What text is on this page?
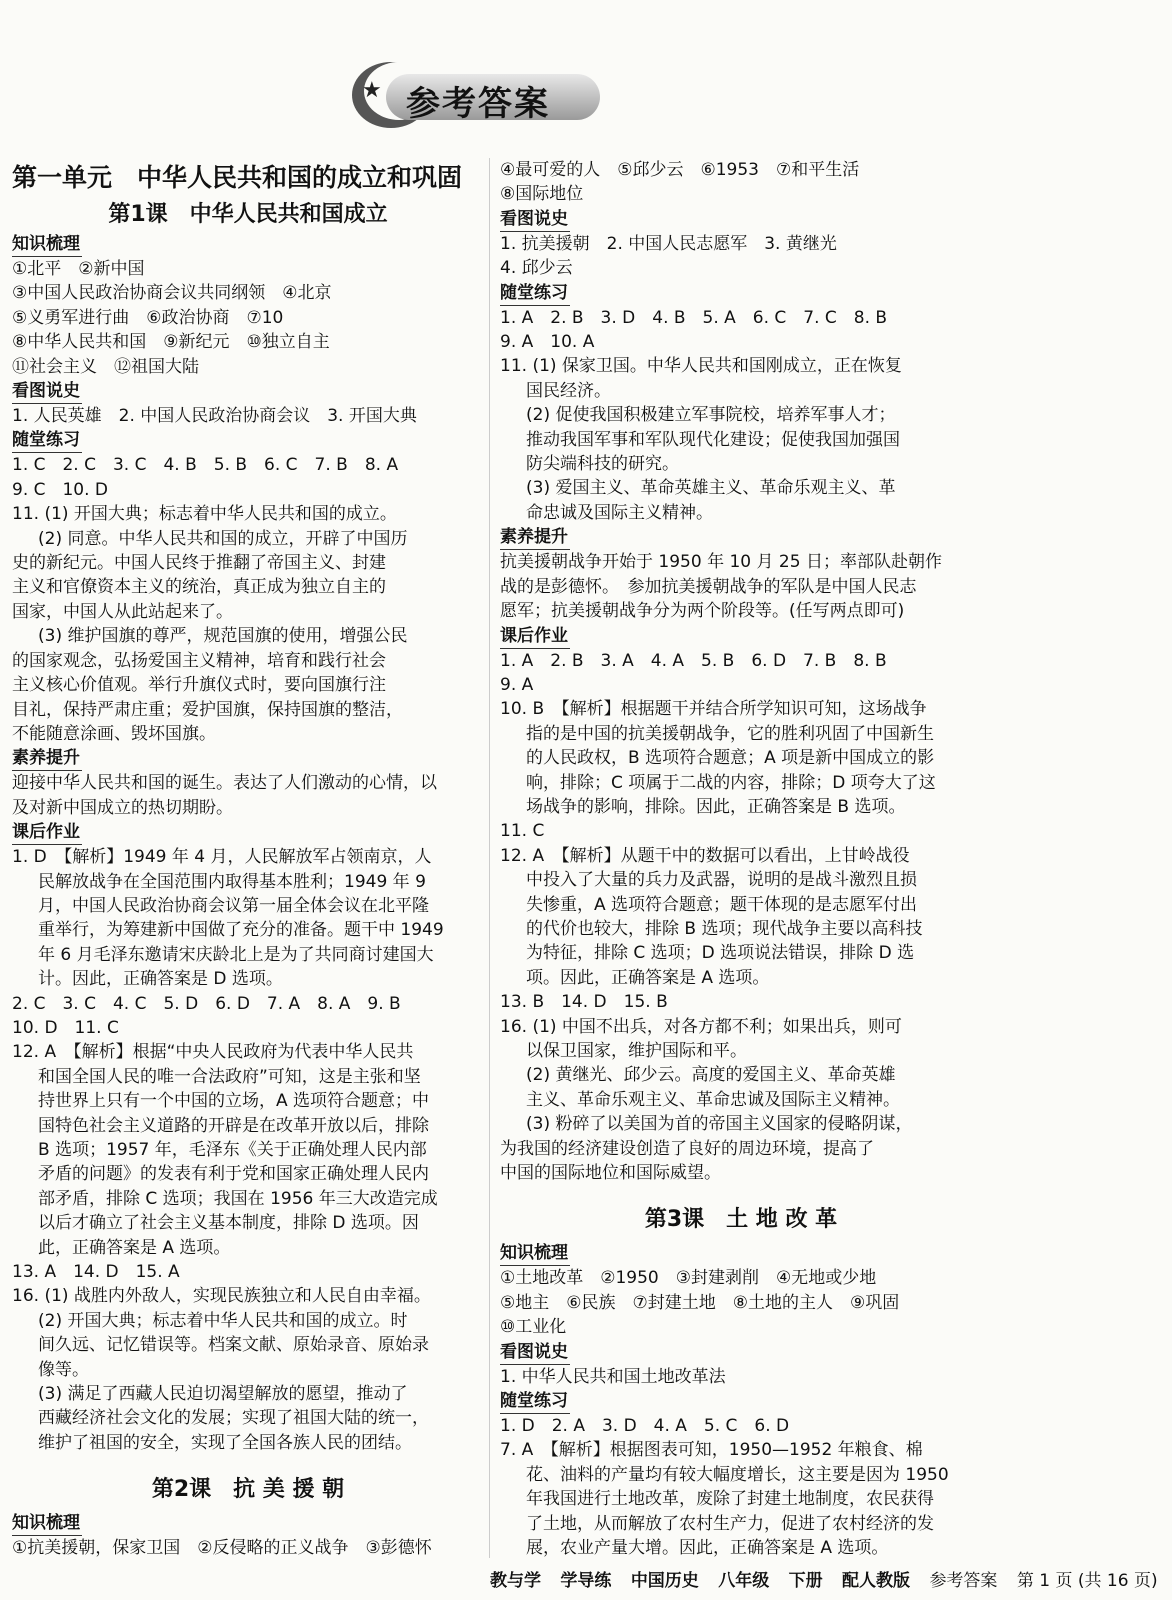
★ 参考答案
第一单元　中华人民共和国的成立和巩固
第1课　中华人民共和国成立
知识梳理
①北平　②新中国
③中国人民政治协商会议共同纲领　④北京
⑤义勇军进行曲　⑥政治协商　⑦10
⑧中华人民共和国　⑨新纪元　⑩独立自主
⑪社会主义　⑫祖国大陆
看图说史
1. 人民英雄　2. 中国人民政治协商会议　3. 开国大典
随堂练习
1. C　2. C　3. C　4. B　5. B　6. C　7. B　8. A
9. C　10. D
11. (1) 开国大典；标志着中华人民共和国的成立。
(2) 同意。中华人民共和国的成立，开辟了中国历
史的新纪元。中国人民终于推翻了帝国主义、封建
主义和官僚资本主义的统治，真正成为独立自主的
国家，中国人从此站起来了。
(3) 维护国旗的尊严，规范国旗的使用，增强公民
的国家观念，弘扬爱国主义精神，培育和践行社会
主义核心价值观。举行升旗仪式时，要向国旗行注
目礼，保持严肃庄重；爱护国旗，保持国旗的整洁，
不能随意涂画、毁坏国旗。
素养提升
迎接中华人民共和国的诞生。表达了人们激动的心情，以
及对新中国成立的热切期盼。
课后作业
1. D　【解析】1949 年 4 月，人民解放军占领南京，人
民解放战争在全国范围内取得基本胜利；1949 年 9
月，中国人民政治协商会议第一届全体会议在北平隆
重举行，为筹建新中国做了充分的准备。题干中 1949
年 6 月毛泽东邀请宋庆龄北上是为了共同商讨建国大
计。因此，正确答案是 D 选项。
2. C　3. C　4. C　5. D　6. D　7. A　8. A　9. B
10. D　11. C
12. A　【解析】根据“中央人民政府为代表中华人民共
和国全国人民的唯一合法政府”可知，这是主张和坚
持世界上只有一个中国的立场，A 选项符合题意；中
国特色社会主义道路的开辟是在改革开放以后，排除
B 选项；1957 年，毛泽东《关于正确处理人民内部
矛盾的问题》的发表有利于党和国家正确处理人民内
部矛盾，排除 C 选项；我国在 1956 年三大改造完成
以后才确立了社会主义基本制度，排除 D 选项。因
此，正确答案是 A 选项。
13. A　14. D　15. A
16. (1) 战胜内外敌人，实现民族独立和人民自由幸福。
(2) 开国大典；标志着中华人民共和国的成立。时
间久远、记忆错误等。档案文献、原始录音、原始录
像等。
(3) 满足了西藏人民迫切渴望解放的愿望，推动了
西藏经济社会文化的发展；实现了祖国大陆的统一，
维护了祖国的安全，实现了全国各族人民的团结。
第2课　抗 美 援 朝
知识梳理
①抗美援朝，保家卫国　②反侵略的正义战争　③彭德怀
④最可爱的人　⑤邱少云　⑥1953　⑦和平生活
⑧国际地位
看图说史
1. 抗美援朝　2. 中国人民志愿军　3. 黄继光
4. 邱少云
随堂练习
1. A　2. B　3. D　4. B　5. A　6. C　7. C　8. B
9. A　10. A
11. (1) 保家卫国。中华人民共和国刚成立，正在恢复
国民经济。
(2) 促使我国积极建立军事院校，培养军事人才；
推动我国军事和军队现代化建设；促使我国加强国
防尖端科技的研究。
(3) 爱国主义、革命英雄主义、革命乐观主义、革
命忠诚及国际主义精神。
素养提升
抗美援朝战争开始于 1950 年 10 月 25 日；率部队赴朝作
战的是彭德怀。　参加抗美援朝战争的军队是中国人民志
愿军；抗美援朝战争分为两个阶段等。(任写两点即可)
课后作业
1. A　2. B　3. A　4. A　5. B　6. D　7. B　8. B
9. A
10. B　【解析】根据题干并结合所学知识可知，这场战争
指的是中国的抗美援朝战争，它的胜利巩固了中国新生
的人民政权，B 选项符合题意；A 项是新中国成立的影
响，排除；C 项属于二战的内容，排除；D 项夸大了这
场战争的影响，排除。因此，正确答案是 B 选项。
11. C
12. A　【解析】从题干中的数据可以看出，上甘岭战役
中投入了大量的兵力及武器，说明的是战斗激烈且损
失惨重，A 选项符合题意；题干体现的是志愿军付出
的代价也较大，排除 B 选项；现代战争主要以高科技
为特征，排除 C 选项；D 选项说法错误，排除 D 选
项。因此，正确答案是 A 选项。
13. B　14. D　15. B
16. (1) 中国不出兵，对各方都不利；如果出兵，则可
以保卫国家，维护国际和平。
(2) 黄继光、邱少云。高度的爱国主义、革命英雄
主义、革命乐观主义、革命忠诚及国际主义精神。
(3) 粉碎了以美国为首的帝国主义国家的侵略阴谋，
为我国的经济建设创造了良好的周边环境，提高了
中国的国际地位和国际威望。
第3课　土 地 改 革
知识梳理
①土地改革　②1950　③封建剥削　④无地或少地
⑤地主　⑥民族　⑦封建土地　⑧土地的主人　⑨巩固
⑩工业化
看图说史
1. 中华人民共和国土地改革法
随堂练习
1. D　2. A　3. D　4. A　5. C　6. D
7. A　【解析】根据图表可知，1950—1952 年粮食、棉
花、油料的产量均有较大幅度增长，这主要是因为 1950
年我国进行土地改革，废除了封建土地制度，农民获得
了土地，从而解放了农村生产力，促进了农村经济的发
展，农业产量大增。因此，正确答案是 A 选项。
教与学 学导练 中国历史 八年级 下册 配人教版 参考答案 第 1 页 (共 16 页)
